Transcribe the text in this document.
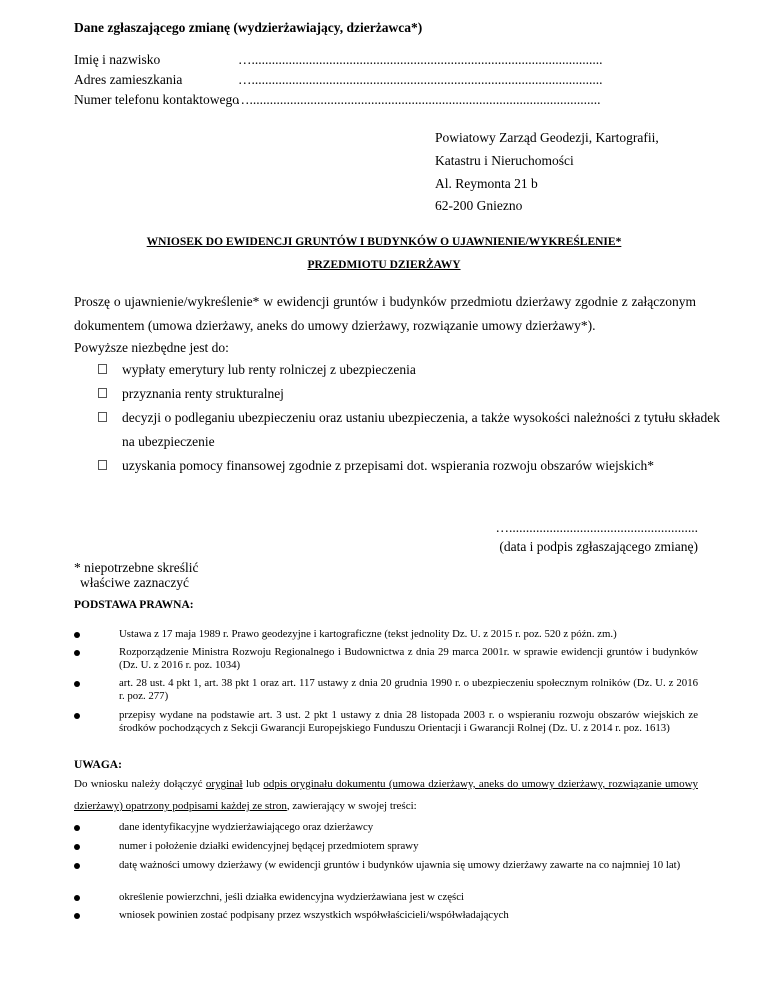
Dane zgłaszającego zmianę (wydzierżawiający, dzierżawca*)
Imię i nazwisko	…........................................................................................................
Adres zamieszkania	…........................................................................................................
Numer telefonu kontaktowego
…........................................................................................................
Powiatowy Zarząd Geodezji, Kartografii,
Katastru i Nieruchomości
Al. Reymonta 21 b
62-200 Gniezno
WNIOSEK DO EWIDENCJI GRUNTÓW I BUDYNKÓW O UJAWNIENIE/WYKREŚLENIE*
PRZEDMIOTU DZIERŻAWY
Proszę o ujawnienie/wykreślenie* w ewidencji gruntów i budynków przedmiotu dzierżawy zgodnie z załączonym dokumentem (umowa dzierżawy, aneks do umowy dzierżawy, rozwiązanie umowy dzierżawy*).
Powyższe niezbędne jest do:
wypłaty emerytury lub renty rolniczej z ubezpieczenia
przyznania renty strukturalnej
decyzji o podleganiu ubezpieczeniu oraz ustaniu ubezpieczenia, a także wysokości należności z tytułu składek na ubezpieczenie
uzyskania pomocy finansowej zgodnie z przepisami dot. wspierania rozwoju obszarów wiejskich*
…........................................................
(data i podpis zgłaszającego zmianę)
* niepotrzebne skreślić
właściwe zaznaczyć
PODSTAWA PRAWNA:
Ustawa z 17 maja 1989 r. Prawo geodezyjne i kartograficzne (tekst jednolity Dz. U. z 2015 r. poz. 520 z późn. zm.)
Rozporządzenie Ministra Rozwoju Regionalnego i Budownictwa z dnia 29 marca 2001r. w sprawie ewidencji gruntów i budynków (Dz. U. z 2016 r. poz. 1034)
art. 28 ust. 4 pkt 1, art. 38 pkt 1 oraz art. 117 ustawy z dnia 20 grudnia 1990 r. o ubezpieczeniu społecznym rolników (Dz. U. z 2016 r. poz. 277)
przepisy wydane na podstawie art. 3 ust. 2 pkt 1 ustawy z dnia 28 listopada 2003 r. o wspieraniu rozwoju obszarów wiejskich ze środków pochodzących z Sekcji Gwarancji Europejskiego Funduszu Orientacji i Gwarancji Rolnej (Dz. U. z 2014 r. poz. 1613)
UWAGA:
Do wniosku należy dołączyć oryginał lub odpis oryginału dokumentu (umowa dzierżawy, aneks do umowy dzierżawy, rozwiązanie umowy dzierżawy) opatrzony podpisami każdej ze stron, zawierający w swojej treści:
dane identyfikacyjne wydzierżawiającego oraz dzierżawcy
numer i położenie działki ewidencyjnej będącej przedmiotem sprawy
datę ważności umowy dzierżawy (w ewidencji gruntów i budynków ujawnia się umowy dzierżawy zawarte na co najmniej 10 lat)
określenie powierzchni, jeśli działka ewidencyjna wydzierżawiana jest w części
wniosek powinien zostać podpisany przez wszystkich współwłaścicieli/współwładających
